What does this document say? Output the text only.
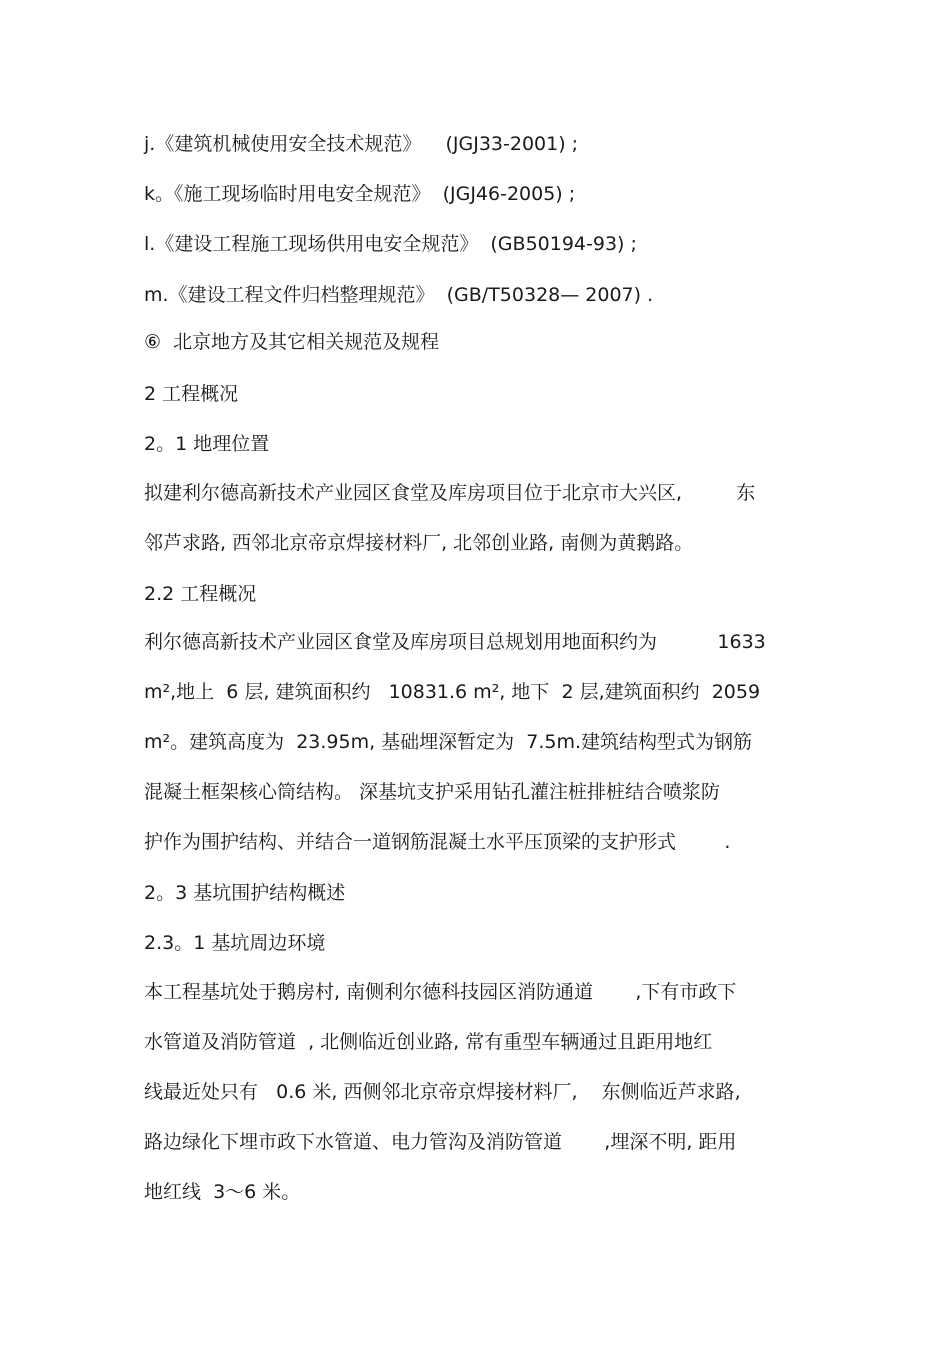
j.《建筑机械使用安全技术规范》    (JGJ33-2001) ;
k。《施工现场临时用电安全规范》  (JGJ46-2005) ;
l.《建设工程施工现场供用电安全规范》  (GB50194-93) ;
m.《建设工程文件归档整理规范》  (GB/T50328— 2007) .
⑥  北京地方及其它相关规范及规程
2 工程概况
2。1 地理位置
拟建利尔德高新技术产业园区食堂及库房项目位于北京市大兴区,         东
邻芦求路, 西邻北京帝京焊接材料厂, 北邻创业路, 南侧为黄鹅路。
2.2 工程概况
利尔德高新技术产业园区食堂及库房项目总规划用地面积约为          1633
m²,地上  6 层, 建筑面积约   10831.6 m², 地下  2 层,建筑面积约  2059
m²。建筑高度为  23.95m, 基础埋深暂定为  7.5m.建筑结构型式为钢筋
混凝土框架核心筒结构。 深基坑支护采用钻孔灌注桩排桩结合喷浆防
护作为围护结构、并结合一道钢筋混凝土水平压顶梁的支护形式        .
2。3 基坑围护结构概述
2.3。1 基坑周边环境
本工程基坑处于鹅房村, 南侧利尔德科技园区消防通道       ,下有市政下
水管道及消防管道  , 北侧临近创业路, 常有重型车辆通过且距用地红
线最近处只有   0.6 米, 西侧邻北京帝京焊接材料厂,    东侧临近芦求路,
路边绿化下埋市政下水管道、电力管沟及消防管道       ,埋深不明, 距用
地红线  3～6 米。
